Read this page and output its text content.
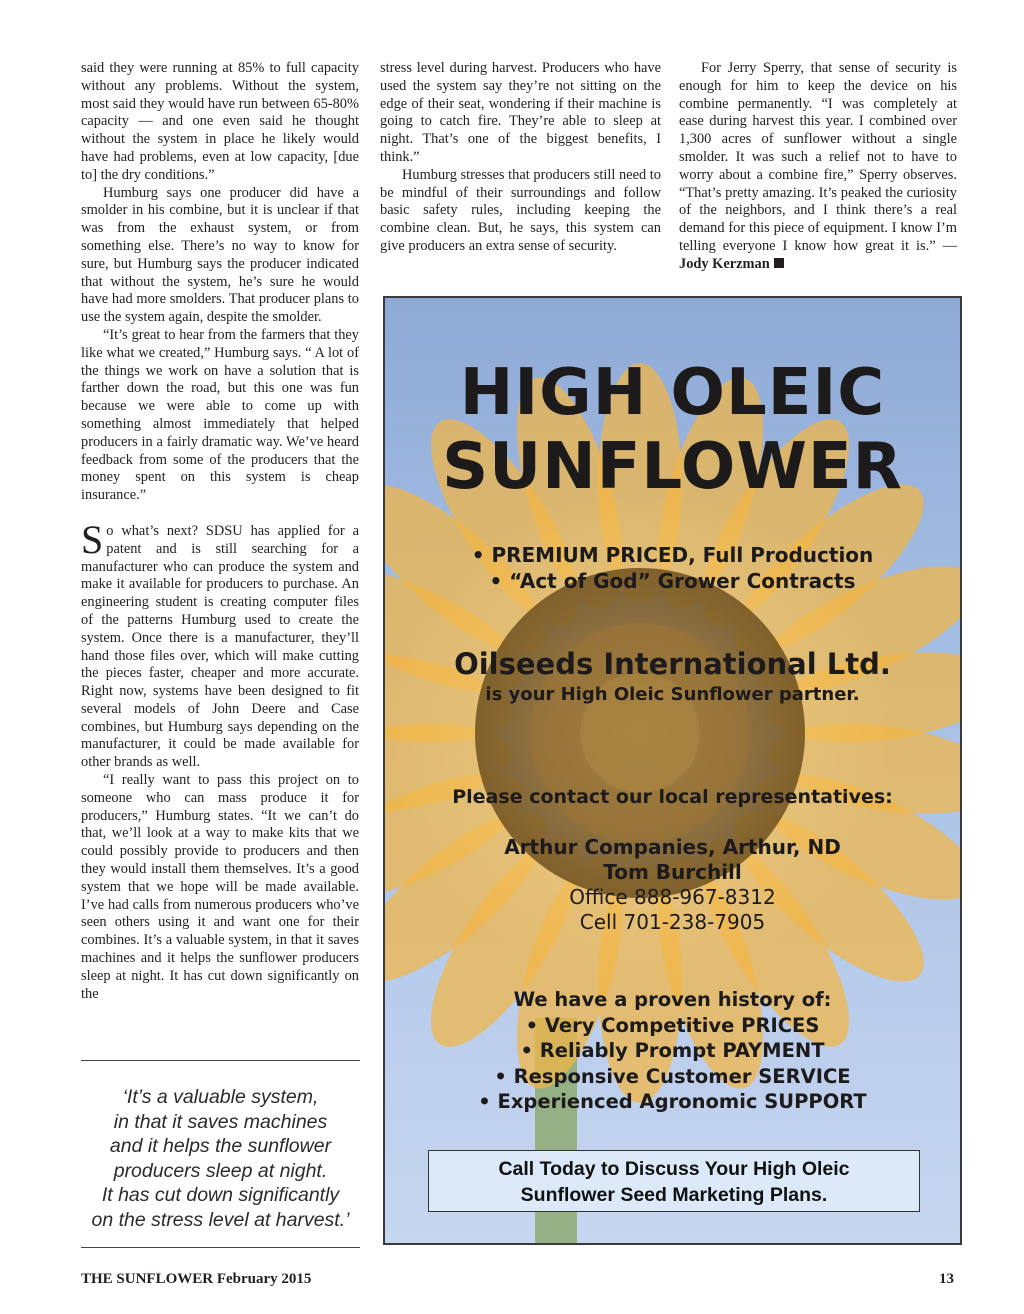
said they were running at 85% to full capacity without any problems. Without the system, most said they would have run between 65-80% capacity — and one even said he thought without the system in place he likely would have had problems, even at low capacity, [due to] the dry conditions.”

Humburg says one producer did have a smolder in his combine, but it is unclear if that was from the exhaust system, or from something else. There’s no way to know for sure, but Humburg says the producer indicated that without the system, he’s sure he would have had more smolders. That producer plans to use the system again, despite the smolder.

“It’s great to hear from the farmers that they like what we created,” Humburg says. “ A lot of the things we work on have a solution that is farther down the road, but this one was fun because we were able to come up with something almost immediately that helped producers in a fairly dramatic way. We’ve heard feedback from some of the producers that the money spent on this system is cheap insurance.”

So what’s next? SDSU has applied for a patent and is still searching for a manufacturer who can produce the system and make it available for producers to purchase. An engineering student is creating computer files of the patterns Humburg used to create the system. Once there is a manufacturer, they’ll hand those files over, which will make cutting the pieces faster, cheaper and more accurate. Right now, systems have been designed to fit several models of John Deere and Case combines, but Humburg says depending on the manufacturer, it could be made available for other brands as well.

“I really want to pass this project on to someone who can mass produce it for producers,” Humburg states. “It we can’t do that, we’ll look at a way to make kits that we could possibly provide to producers and then they would install them themselves. It’s a good system that we hope will be made available. I’ve had calls from numerous producers who’ve seen others using it and want one for their combines. It’s a valuable system, in that it saves machines and it helps the sunflower producers sleep at night. It has cut down significantly on the

stress level during harvest. Producers who have used the system say they’re not sitting on the edge of their seat, wondering if their machine is going to catch fire. They’re able to sleep at night. That’s one of the biggest benefits, I think.”

Humburg stresses that producers still need to be mindful of their surroundings and follow basic safety rules, including keeping the combine clean. But, he says, this system can give producers an extra sense of security.

For Jerry Sperry, that sense of security is enough for him to keep the device on his combine permanently. “I was completely at ease during harvest this year. I combined over 1,300 acres of sunflower without a single smolder. It was such a relief not to have to worry about a combine fire,” Sperry observes. “That’s pretty amazing. It’s peaked the curiosity of the neighbors, and I think there’s a real demand for this piece of equipment. I know I’m telling everyone I know how great it is.” — Jody Kerzman

‘It’s a valuable system,
in that it saves machines
and it helps the sunflower
producers sleep at night.
It has cut down significantly
on the stress level at harvest.’
HIGH OLEIC
SUNFLOWER
• PREMIUM PRICED, Full Production
• “Act of God” Grower Contracts
Oilseeds International Ltd.
is your High Oleic Sunflower partner.
Please contact our local representatives:
Arthur Companies, Arthur, ND
Tom Burchill
Office 888-967-8312
Cell 701-238-7905
We have a proven history of:
• Very Competitive PRICES
• Reliably Prompt PAYMENT
• Responsive Customer SERVICE
• Experienced Agronomic SUPPORT
Call Today to Discuss Your High Oleic
Sunflower Seed Marketing Plans.
THE SUNFLOWER February 2015	13
